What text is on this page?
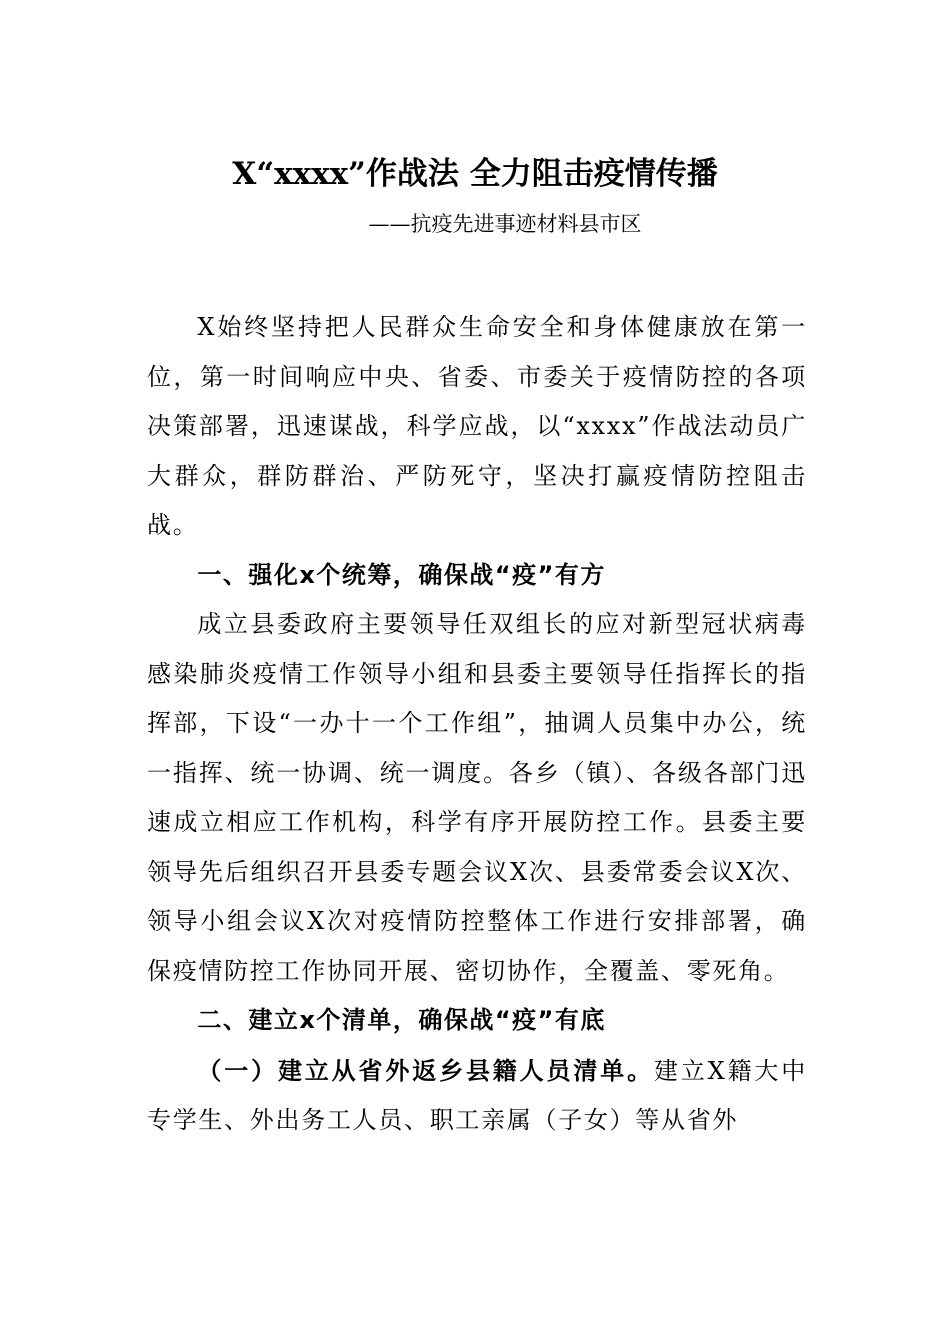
X“xxxx”作战法 全力阻击疫情传播
——抗疫先进事迹材料县市区

X始终坚持把人民群众生命安全和身体健康放在第一位，第一时间响应中央、省委、市委关于疫情防控的各项决策部署，迅速谋战，科学应战，以“xxxx”作战法动员广大群众，群防群治、严防死守，坚决打赢疫情防控阻击战。

一、强化x个统筹，确保战“疫”有方

成立县委政府主要领导任双组长的应对新型冠状病毒感染肺炎疫情工作领导小组和县委主要领导任指挥长的指挥部，下设“一办十一个工作组”，抽调人员集中办公，统一指挥、统一协调、统一调度。各乡（镇）、各级各部门迅速成立相应工作机构，科学有序开展防控工作。县委主要领导先后组织召开县委专题会议X次、县委常委会议X次、领导小组会议X次对疫情防控整体工作进行安排部署，确保疫情防控工作协同开展、密切协作，全覆盖、零死角。

二、建立x个清单，确保战“疫”有底

（一）建立从省外返乡县籍人员清单。建立X籍大中专学生、外出务工人员、职工亲属（子女）等从省外
